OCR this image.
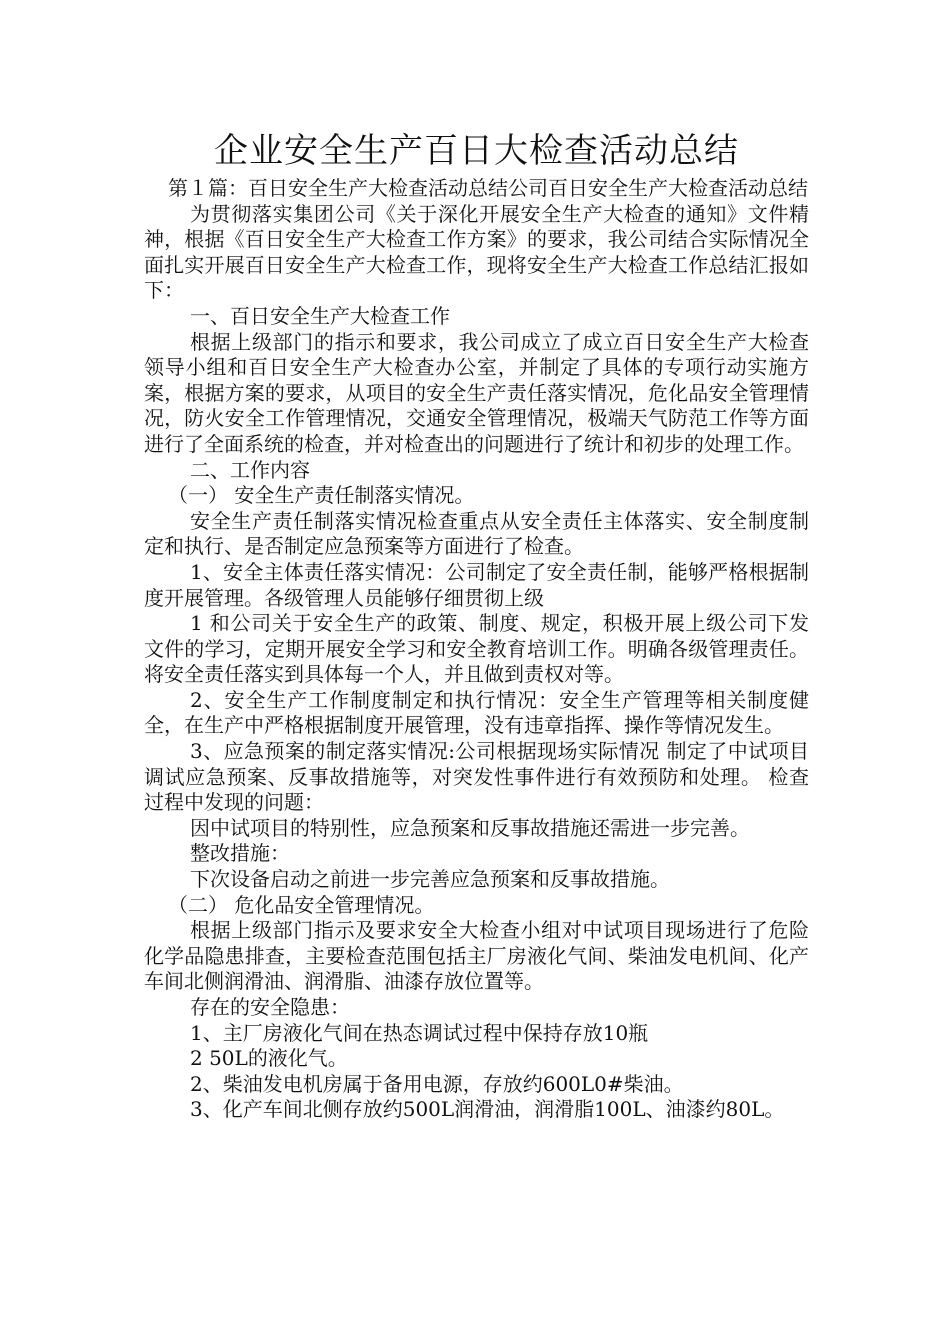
企业安全生产百日大检查活动总结

第１篇：百日安全生产大检查活动总结公司百日安全生产大检查活动总结

为贯彻落实集团公司《关于深化开展安全生产大检查的通知》文件精神，根据《百日安全生产大检查工作方案》的要求，我公司结合实际情况全面扎实开展百日安全生产大检查工作，现将安全生产大检查工作总结汇报如下：

一、百日安全生产大检查工作

根据上级部门的指示和要求，我公司成立了成立百日安全生产大检查领导小组和百日安全生产大检查办公室，并制定了具体的专项行动实施方案，根据方案的要求，从项目的安全生产责任落实情况，危化品安全管理情况，防火安全工作管理情况，交通安全管理情况，极端天气防范工作等方面进行了全面系统的检查，并对检查出的问题进行了统计和初步的处理工作。

二、工作内容

（一） 安全生产责任制落实情况。

安全生产责任制落实情况检查重点从安全责任主体落实、安全制度制定和执行、是否制定应急预案等方面进行了检查。

1、安全主体责任落实情况：公司制定了安全责任制，能够严格根据制度开展管理。各级管理人员能够仔细贯彻上级

1 和公司关于安全生产的政策、制度、规定，积极开展上级公司下发文件的学习，定期开展安全学习和安全教育培训工作。明确各级管理责任。将安全责任落实到具体每一个人，并且做到责权对等。

2、安全生产工作制度制定和执行情况：安全生产管理等相关制度健全，在生产中严格根据制度开展管理，没有违章指挥、操作等情况发生。

3、应急预案的制定落实情况:公司根据现场实际情况 制定了中试项目调试应急预案、反事故措施等，对突发性事件进行有效预防和处理。 检查过程中发现的问题：

因中试项目的特别性，应急预案和反事故措施还需进一步完善。

整改措施：

下次设备启动之前进一步完善应急预案和反事故措施。

（二） 危化品安全管理情况。

根据上级部门指示及要求安全大检查小组对中试项目现场进行了危险化学品隐患排查，主要检查范围包括主厂房液化气间、柴油发电机间、化产车间北侧润滑油、润滑脂、油漆存放位置等。

存在的安全隐患：

1、主厂房液化气间在热态调试过程中保持存放10瓶

2 50L的液化气。

2、柴油发电机房属于备用电源，存放约600L0#柴油。

3、化产车间北侧存放约500L润滑油，润滑脂100L、油漆约80L。
